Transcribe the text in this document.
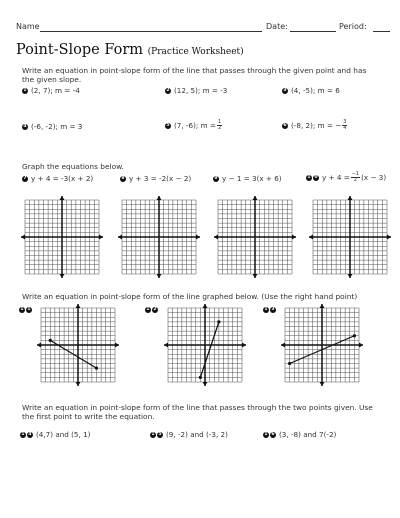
Name	Date:	Period:
Point-Slope Form (Practice Worksheet)
Write an equation in point-slope form of the line that passes through the given point and has the given slope.
1 (2, 7); m = -4	2 (12, 5); m = -3	3 (4, -5); m = 6
4 (-6, -2); m = 3	5 (7, -6); $m = \frac{1}{2}$	6 (-8, 2); m = − $\frac{3}{4}$
Graph the equations below.
7 y + 4 = -3(x + 2)	8 y + 3 = -2(x − 2)	9 y − 1 = 3(x + 6)	1 0 $y + 4 = \frac{-1}{2} (x - 3)$
Write an equation in point-slope form of the line graphed below. (Use the right hand point)
1 1	1 2	1 3
Write an equation in point-slope form of the line that passes through the two points given. Use the first point to write the equation.
1 4 (4,7) and (5, 1)	1 5 (9, -2) and (-3, 2)	1 6 (3, -8) and 7(-2)
